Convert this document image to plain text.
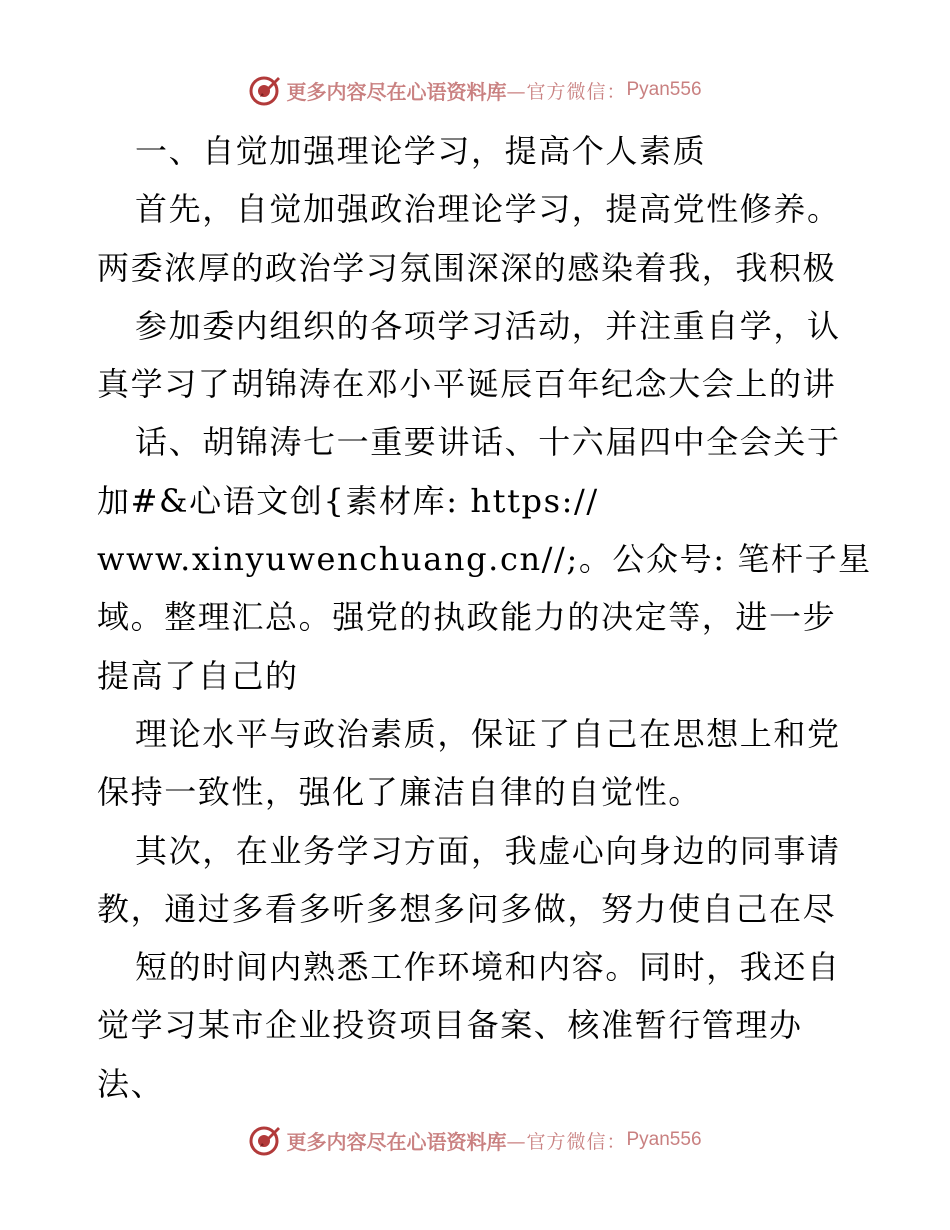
更多内容尽在心语资料库 —官方微信： Pyan556
一、自觉加强理论学习，提高个人素质
首先，自觉加强政治理论学习，提高党性修养。
两委浓厚的政治学习氛围深深的感染着我，我积极
参加委内组织的各项学习活动，并注重自学，认
真学习了胡锦涛在邓小平诞辰百年纪念大会上的讲
话、胡锦涛七一重要讲话、十六届四中全会关于
加#&心语文创{素材库: https://
www.xinyuwenchuang.cn//;。公众号: 笔杆子星
域。整理汇总。强党的执政能力的决定等，进一步
提高了自己的
理论水平与政治素质，保证了自己在思想上和党
保持一致性，强化了廉洁自律的自觉性。
其次，在业务学习方面，我虚心向身边的同事请
教，通过多看多听多想多问多做，努力使自己在尽
短的时间内熟悉工作环境和内容。同时，我还自
觉学习某市企业投资项目备案、核准暂行管理办
法、
更多内容尽在心语资料库 —官方微信： Pyan556
